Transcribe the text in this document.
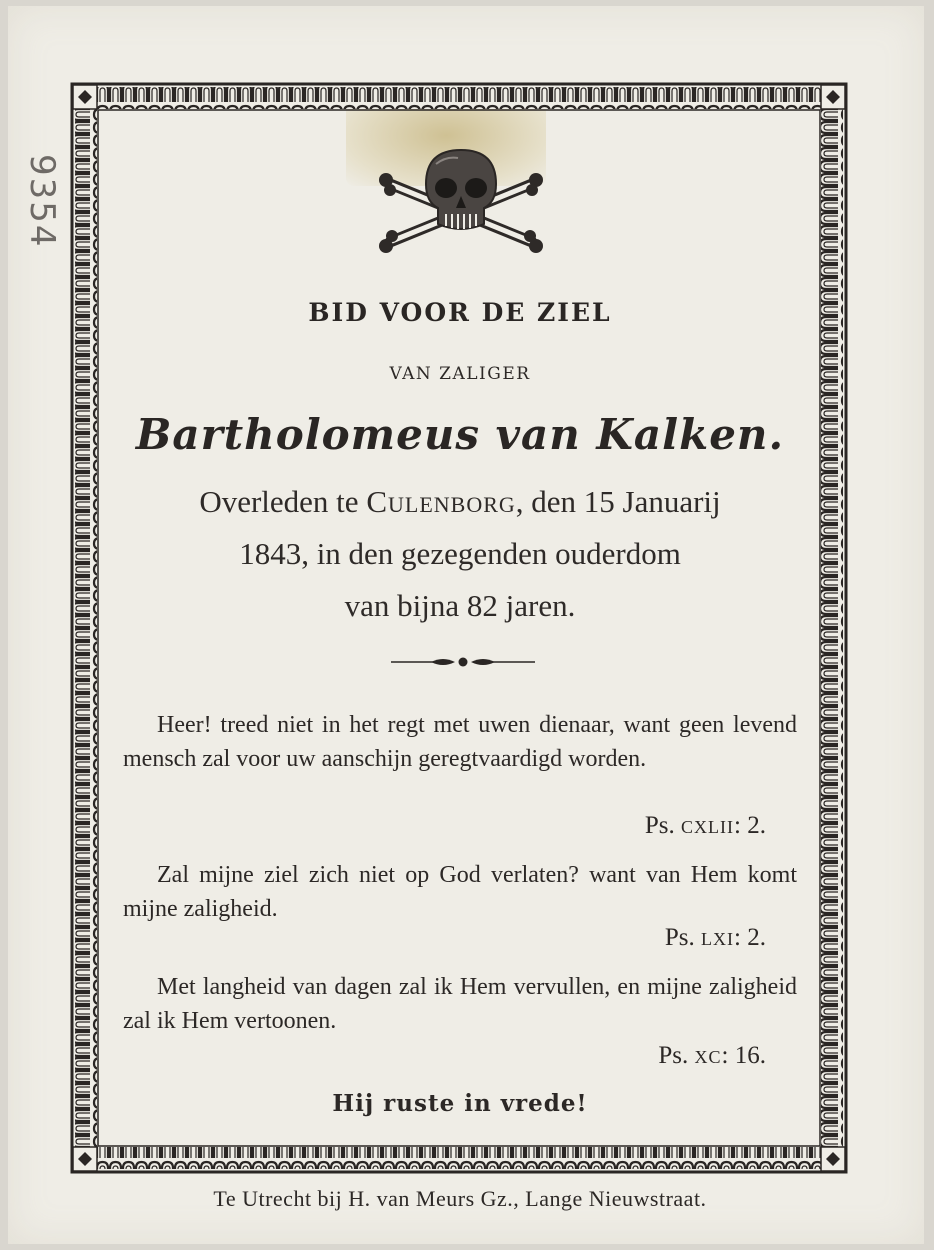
9354
BID VOOR DE ZIEL
VAN ZALIGER
Bartholomeus van Kalken.
Overleden te Culenborg, den 15 Januarij
1843, in den gezegenden ouderdom
van bijna 82 jaren.
Heer! treed niet in het regt met uwen dienaar, want geen levend mensch zal voor uw aanschijn geregtvaardigd worden.
Ps. cxlii: 2.
Zal mijne ziel zich niet op God verlaten? want van Hem komt mijne zaligheid.
Ps. lxi: 2.
Met langheid van dagen zal ik Hem vervullen, en mijne zaligheid zal ik Hem vertoonen.
Ps. xc: 16.
Hij ruste in vrede!
Te Utrecht bij H. van Meurs Gz., Lange Nieuwstraat.
